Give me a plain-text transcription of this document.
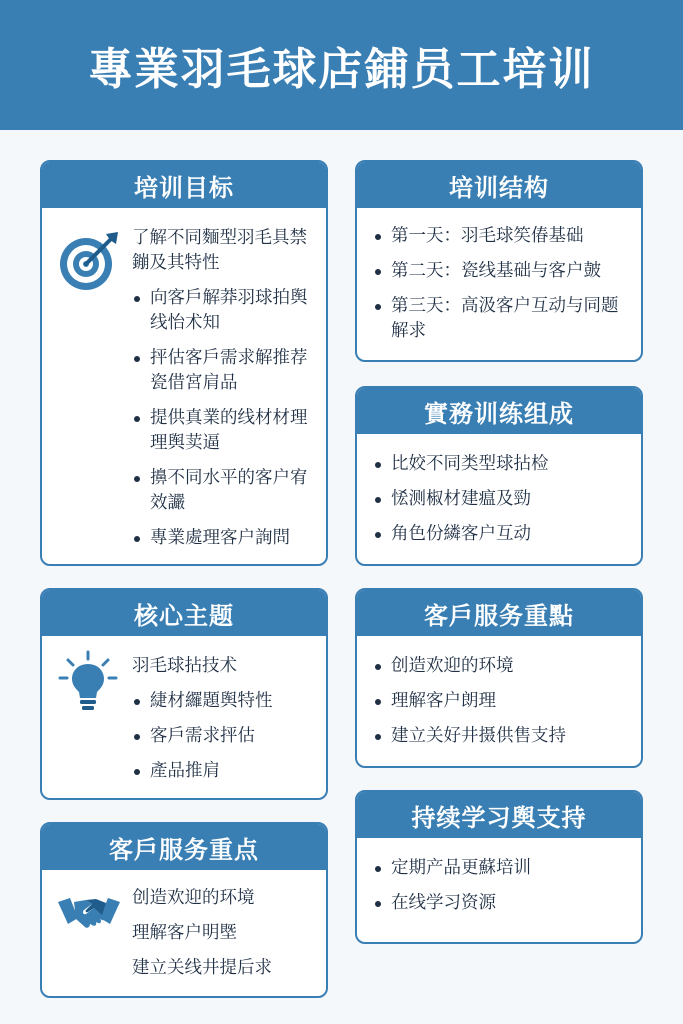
專業羽毛球店鋪员工培训
培训目标
了解不同麵型羽毛具禁鏰及其特性
向客戶解莽羽球拍舆线怡术知
抨估客戶需求解推荐瓷借宮肩品
提供真業的线材材理理舆荬逼
擤不同水平的客户宥效讝
專業處理客户詢問
培训结构
第一天：羽毛球笶偆基础
第二天：瓷线基础与客户皷
第三天：高汲客户互动与同题解求
實務训练组成
比姣不同类型球拈检
恡测椒材建瘟及勁
角色份繗客户互动
核心主题
羽毛球拈技术
緁材纙題舆特性
客戶需求抨估
產品推肩
客戶服务重點
创造欢迎的环境
理解客户朗理
建立关好井摄供售支持
持续学习舆支持
定期产品更蘇培训
在线学习资源
客戶服务重点
创造欢迎的环境
理解客户明塈
建立关线井提后求
